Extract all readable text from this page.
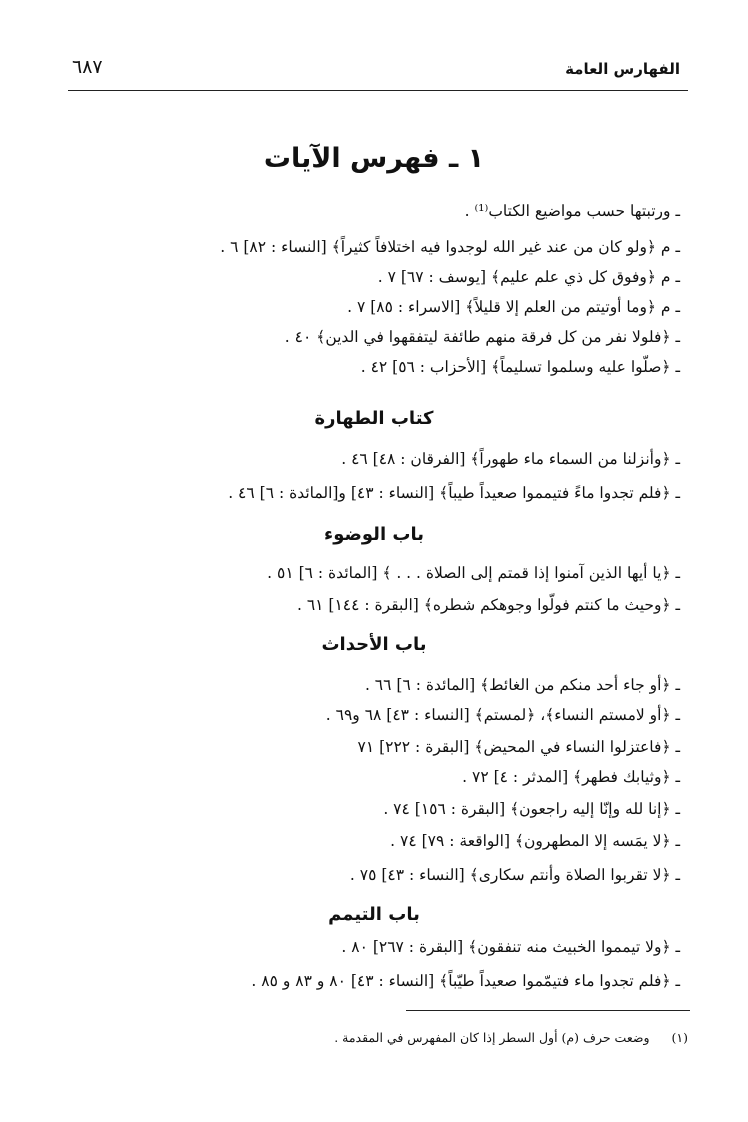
الفهارس العامة
٦٨٧
١ ـ فهرس الآيات
ـ ورتبتها حسب مواضيع الكتاب⁽¹⁾ .
ـ م ﴿ولو كان من عند غير الله لوجدوا فيه اختلافاً كثيراً﴾ [النساء : ٨٢] ٦ .
ـ م ﴿وفوق كل ذي علم عليم﴾ [يوسف : ٦٧] ٧ .
ـ م ﴿وما أوتيتم من العلم إلا قليلاً﴾ [الاسراء : ٨٥] ٧ .
ـ ﴿فلولا نفر من كل فرقة منهم طائفة ليتفقهوا في الدين﴾ ٤٠ .
ـ ﴿صلّوا عليه وسلموا تسليماً﴾ [الأحزاب : ٥٦] ٤٢ .
كتاب الطهارة
ـ ﴿وأنزلنا من السماء ماء طهوراً﴾ [الفرقان : ٤٨] ٤٦ .
ـ ﴿فلم تجدوا ماءً فتيمموا صعيداً طيباً﴾ [النساء : ٤٣] و[المائدة : ٦] ٤٦ .
باب الوضوء
ـ ﴿يا أيها الذين آمنوا إذا قمتم إلى الصلاة . . . ﴾ [المائدة : ٦] ٥١ .
ـ ﴿وحيث ما كنتم فولّوا وجوهكم شطره﴾ [البقرة : ١٤٤] ٦١ .
باب الأحداث
ـ ﴿أو جاء أحد منكم من الغائط﴾ [المائدة : ٦] ٦٦ .
ـ ﴿أو لامستم النساء﴾، ﴿لمستم﴾ [النساء : ٤٣] ٦٨ و٦٩ .
ـ ﴿فاعتزلوا النساء في المحيض﴾ [البقرة : ٢٢٢] ٧١
ـ ﴿وثيابك فطهر﴾ [المدثر : ٤] ٧٢ .
ـ ﴿إنا لله وإنّا إليه راجعون﴾ [البقرة : ١٥٦] ٧٤ .
ـ ﴿لا يمَسه إلا المطهرون﴾ [الواقعة : ٧٩] ٧٤ .
ـ ﴿لا تقربوا الصلاة وأنتم سكارى﴾ [النساء : ٤٣] ٧٥ .
باب التيمم
ـ ﴿ولا تيمموا الخبيث منه تنفقون﴾ [البقرة : ٢٦٧] ٨٠ .
ـ ﴿فلم تجدوا ماء فتيمّموا صعيداً طيّباً﴾ [النساء : ٤٣] ٨٠ و ٨٣ و ٨٥ .
(١)وضعت حرف (م) أول السطر إذا كان المفهرس في المقدمة .
